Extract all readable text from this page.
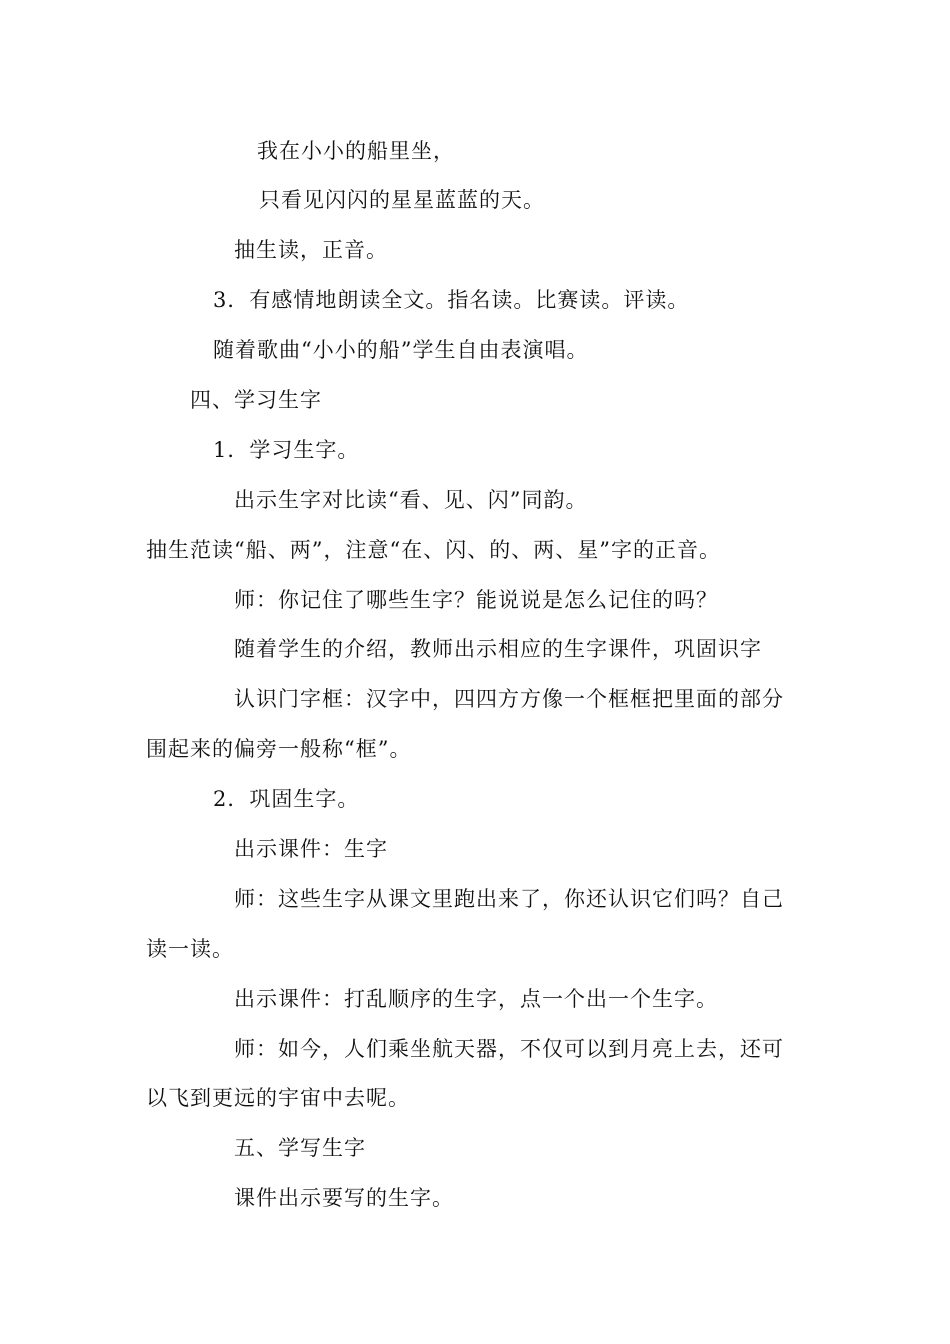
我在小小的船里坐，
只看见闪闪的星星蓝蓝的天。
抽生读，正音。
3．有感情地朗读全文。指名读。比赛读。评读。
随着歌曲“小小的船”学生自由表演唱。
四、学习生字
1．学习生字。
出示生字对比读“看、见、闪”同韵。
抽生范读“船、两”，注意“在、闪、的、两、星”字的正音。
师：你记住了哪些生字？能说说是怎么记住的吗？
随着学生的介绍，教师出示相应的生字课件，巩固识字
认识门字框：汉字中，四四方方像一个框框把里面的部分
围起来的偏旁一般称“框”。
2．巩固生字。
出示课件：生字
师：这些生字从课文里跑出来了，你还认识它们吗？自己
读一读。
出示课件：打乱顺序的生字，点一个出一个生字。
师：如今，人们乘坐航天器，不仅可以到月亮上去，还可
以飞到更远的宇宙中去呢。
五、学写生字
课件出示要写的生字。
